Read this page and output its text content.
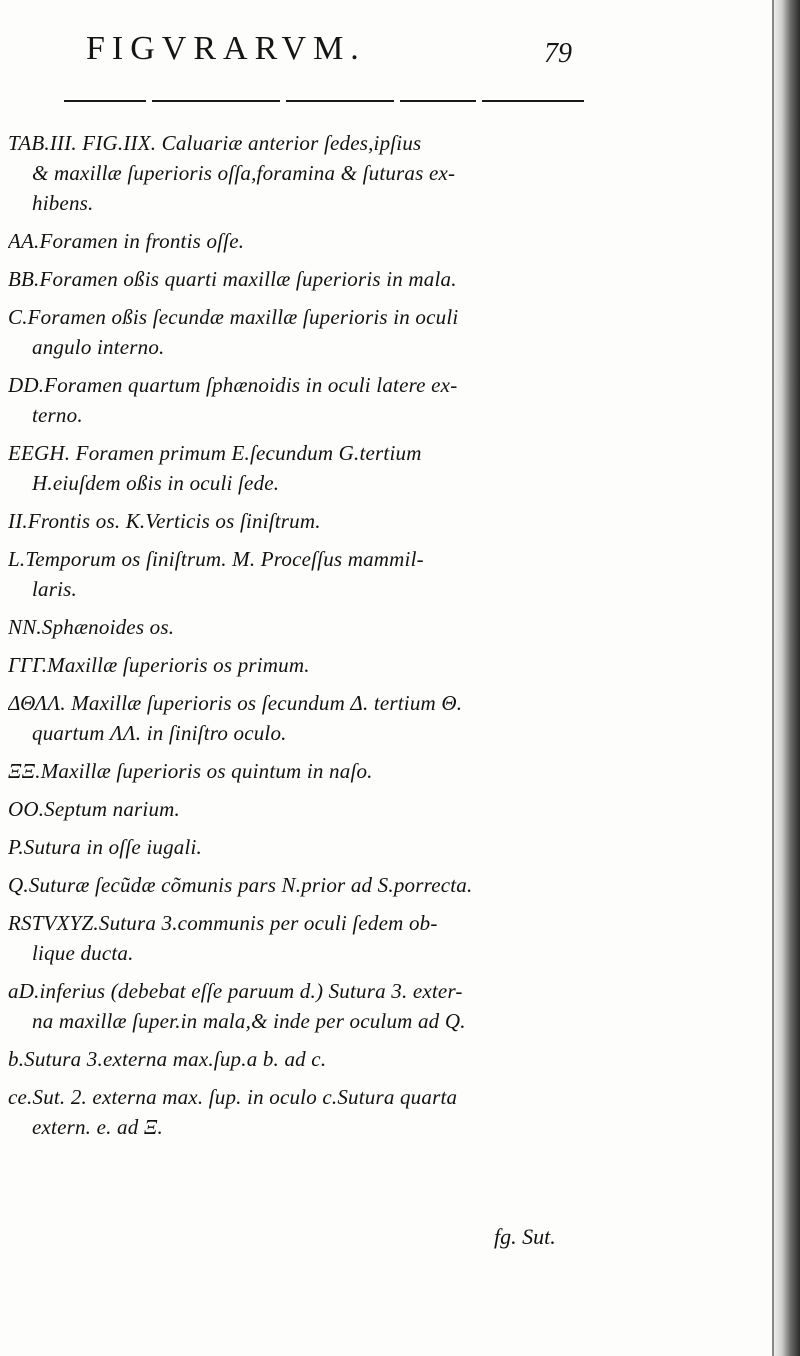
FIGVRARVM.	79
TAB.III. FIG.IIX. Caluariæ anterior ſedes,ipſius
& maxillæ ſuperioris oſſa,foramina & ſuturas ex-
hibens.
AA.Foramen in frontis oſſe.
BB.Foramen oßis quarti maxillæ ſuperioris in mala.
C.Foramen oßis ſecundæ maxillæ ſuperioris in oculi
angulo interno.
DD.Foramen quartum ſphænoidis in oculi latere ex-
terno.
EEGH. Foramen primum E.ſecundum G.tertium
H.eiuſdem oßis in oculi ſede.
II.Frontis os. K.Verticis os ſiniſtrum.
L.Temporum os ſiniſtrum. M. Proceſſus mammil-
laris.
NN.Sphænoides os.
ΓΓΓ.Maxillæ ſuperioris os primum.
ΔΘΛΛ. Maxillæ ſuperioris os ſecundum Δ. tertium Θ.
quartum ΛΛ. in ſiniſtro oculo.
ΞΞ.Maxillæ ſuperioris os quintum in naſo.
OO.Septum narium.
P.Sutura in oſſe iugali.
Q.Suturæ ſecũdæ cõmunis pars N.prior ad S.porrecta.
RSTVXYZ.Sutura 3.communis per oculi ſedem ob-
lique ducta.
aD.inferius (debebat eſſe paruum d.) Sutura 3. exter-
na maxillæ ſuper.in mala,& inde per oculum ad Q.
b.Sutura 3.externa max.ſup.a b. ad c.
ce.Sut. 2. externa max. ſup. in oculo c.Sutura quarta
extern. e. ad Ξ.
fg. Sut.
